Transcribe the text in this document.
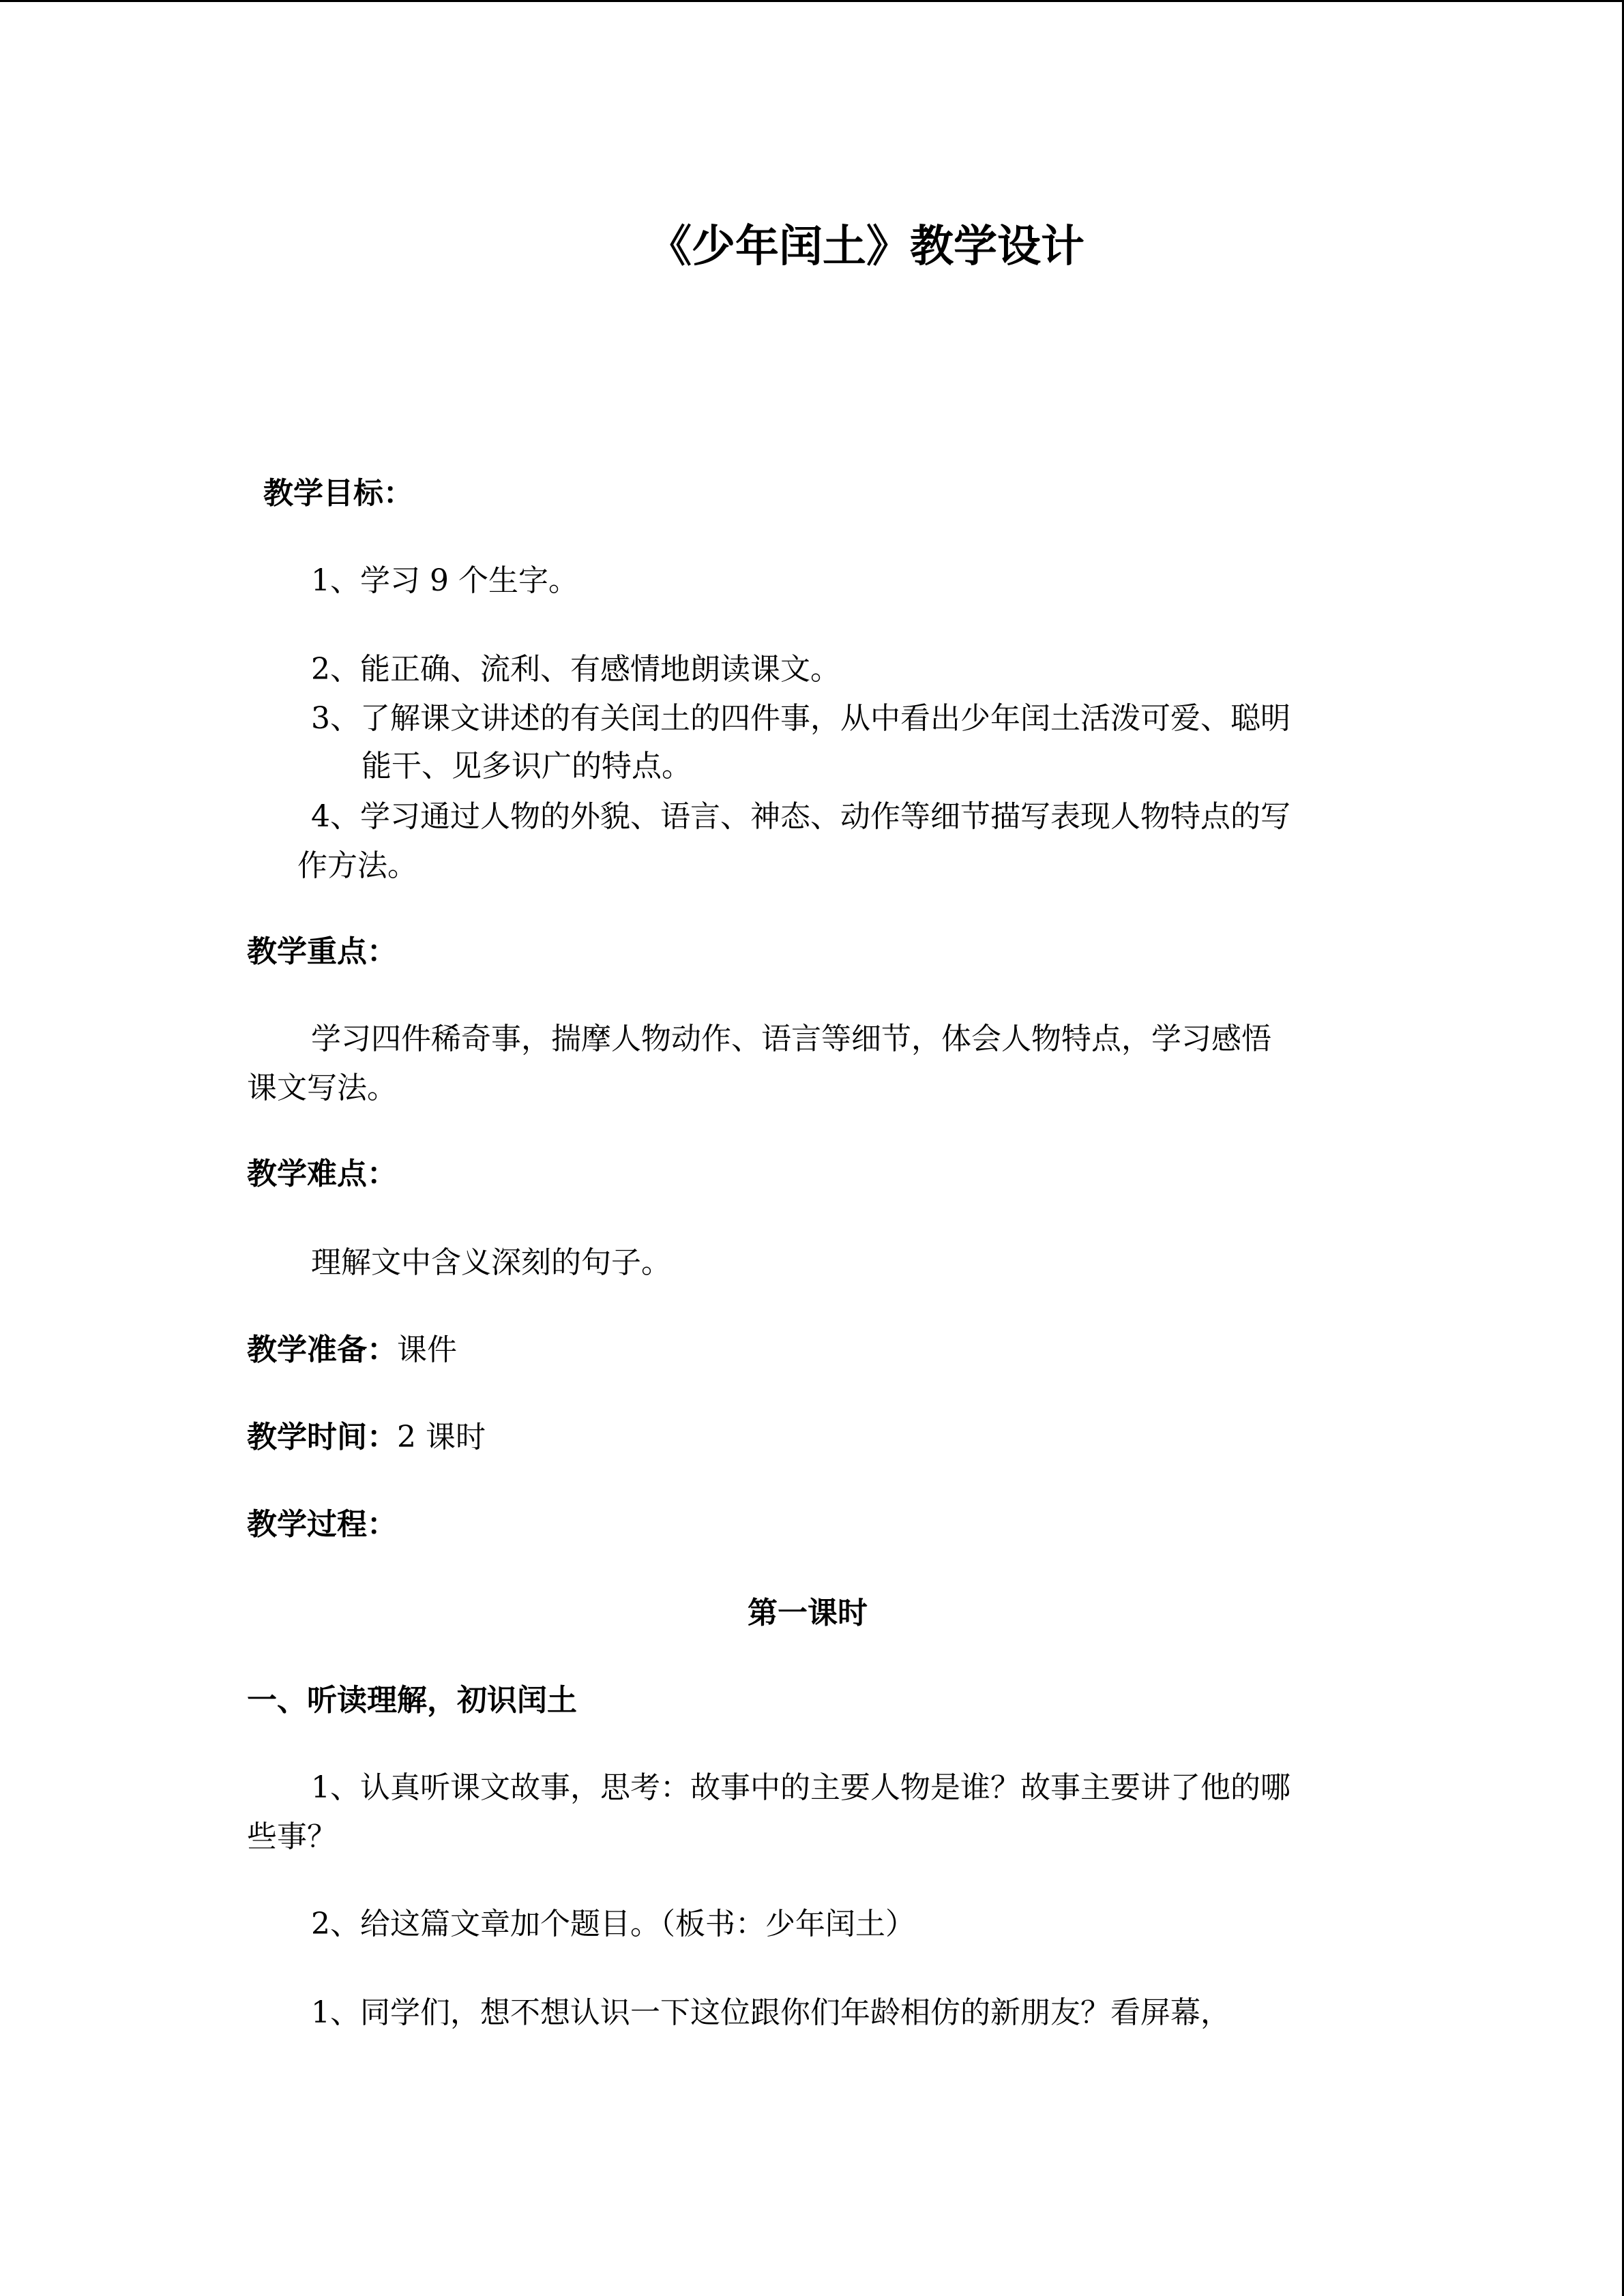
《少年闰土》教学设计
教学目标：
1、学习 9 个生字。
2、能正确、流利、有感情地朗读课文。
3、了解课文讲述的有关闰土的四件事，从中看出少年闰土活泼可爱、聪明
能干、见多识广的特点。
4、学习通过人物的外貌、语言、神态、动作等细节描写表现人物特点的写
作方法。
教学重点：
学习四件稀奇事，揣摩人物动作、语言等细节，体会人物特点，学习感悟
课文写法。
教学难点：
理解文中含义深刻的句子。
教学准备：课件
教学时间：2 课时
教学过程：
第一课时
一、听读理解，初识闰土
1、认真听课文故事，思考：故事中的主要人物是谁？故事主要讲了他的哪
些事？
2、给这篇文章加个题目。（板书：少年闰土）
1、同学们，想不想认识一下这位跟你们年龄相仿的新朋友？看屏幕，
